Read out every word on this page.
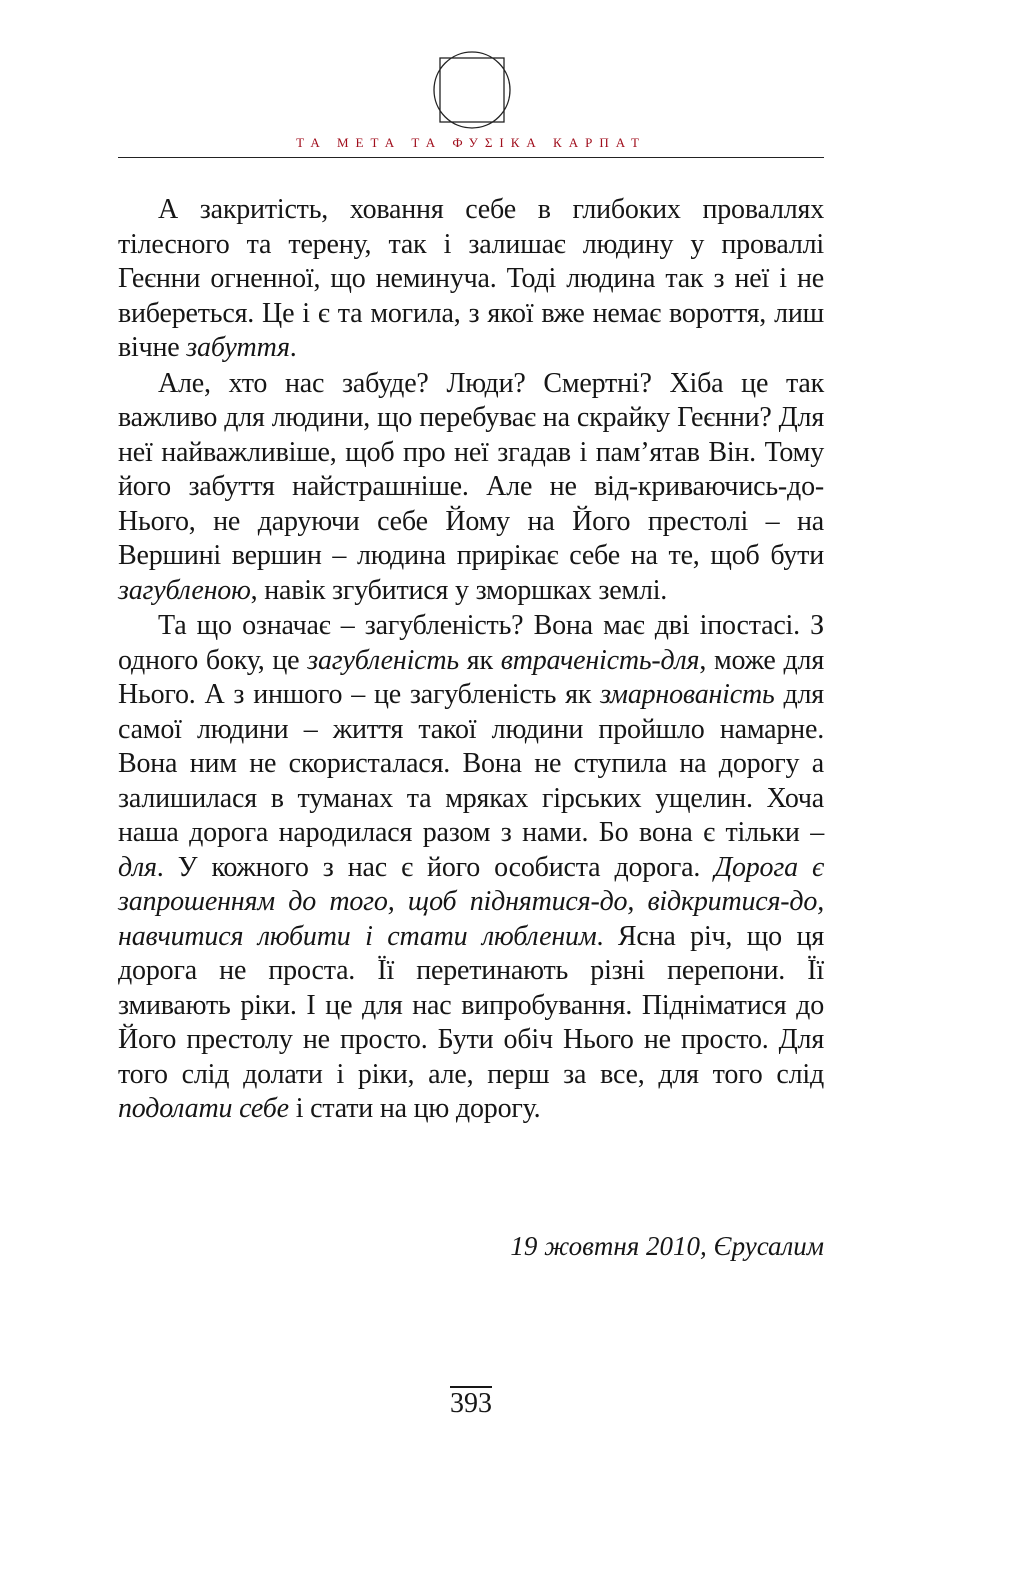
ТА МЕТА ТА ФУΣІКА КАРПАТ

А закритість, ховання себе в глибоких проваллях тілесного та терену, так і залишає людину у проваллі Геєнни огненної, що неминуча. Тоді людина так з неї і не вибереться. Це і є та могила, з якої вже немає вороття, лиш вічне забуття.

Але, хто нас забуде? Люди? Смертні? Хіба це так важливо для людини, що перебуває на скрайку Геєнни? Для неї найважливіше, щоб про неї згадав і пам’ятав Він. Тому його забуття найстрашніше. Але не від-криваючись-до-Нього, не даруючи себе Йому на Його престолі – на Вершині вершин – людина прирікає себе на те, щоб бути загубленою, навік згубитися у зморшках землі.

Та що означає – загубленість? Вона має дві іпостасі. З одного боку, це загубленість як втраченість-для, може для Нього. А з иншого – це загубленість як змарнованість для самої людини – життя такої людини пройшло намарне. Вона ним не скористалася. Вона не ступила на дорогу а залишилася в туманах та мряках гірських ущелин. Хоча наша дорога народилася разом з нами. Бо вона є тільки – для. У кожного з нас є його особиста дорога. Дорога є запрошенням до того, щоб піднятися-до, відкритися-до, навчитися любити і стати любленим. Ясна річ, що ця дорога не проста. Її перетинають різні перепони. Її змивають ріки. І це для нас випробування. Підніматися до Його престолу не просто. Бути обіч Нього не просто. Для того слід долати і ріки, але, перш за все, для того слід подолати себе і стати на цю дорогу.

19 жовтня 2010, Єрусалим
393
